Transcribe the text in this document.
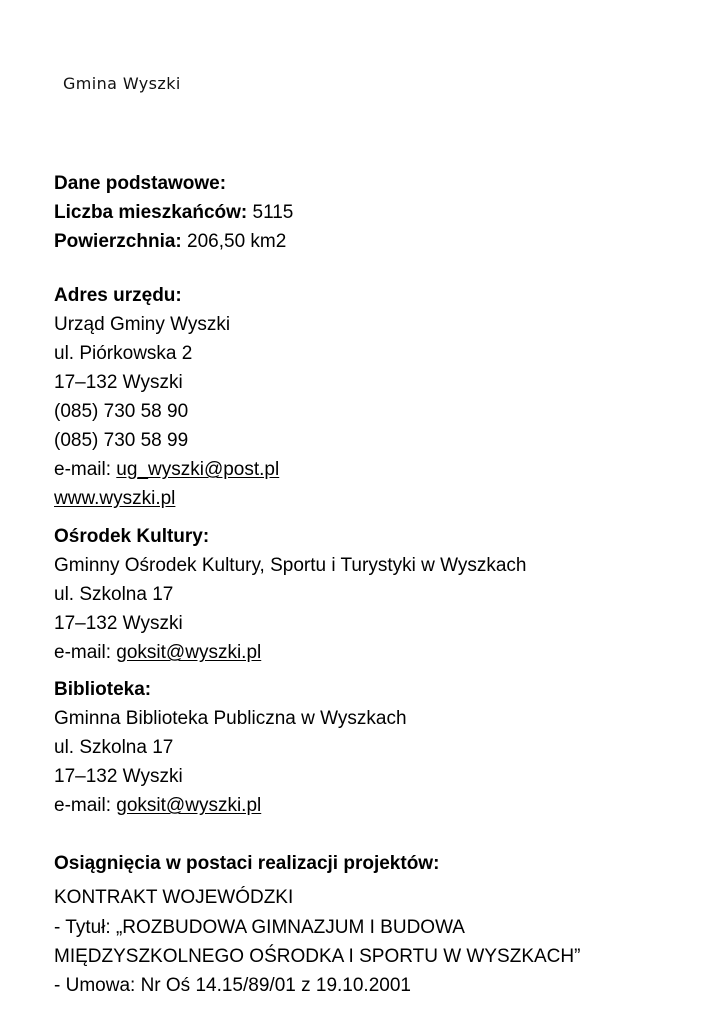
Gmina Wyszki
Dane podstawowe:
Liczba mieszkańców: 5115
Powierzchnia: 206,50 km2
Adres urzędu:
Urząd Gminy Wyszki
ul. Piórkowska 2
17–132 Wyszki
(085) 730 58 90
(085) 730 58 99
e-mail: ug_wyszki@post.pl
www.wyszki.pl
Ośrodek Kultury:
Gminny Ośrodek Kultury, Sportu i Turystyki w Wyszkach
ul. Szkolna 17
17–132 Wyszki
e-mail: goksit@wyszki.pl
Biblioteka:
Gminna Biblioteka Publiczna w Wyszkach
ul. Szkolna 17
17–132 Wyszki
e-mail: goksit@wyszki.pl
Osiągnięcia w postaci realizacji projektów:
KONTRAKT WOJEWÓDZKI
- Tytuł: „ROZBUDOWA GIMNAZJUM I BUDOWA
MIĘDZYSZKOLNEGO OŚRODKA I SPORTU W WYSZKACH”
- Umowa: Nr Oś 14.15/89/01 z 19.10.2001
